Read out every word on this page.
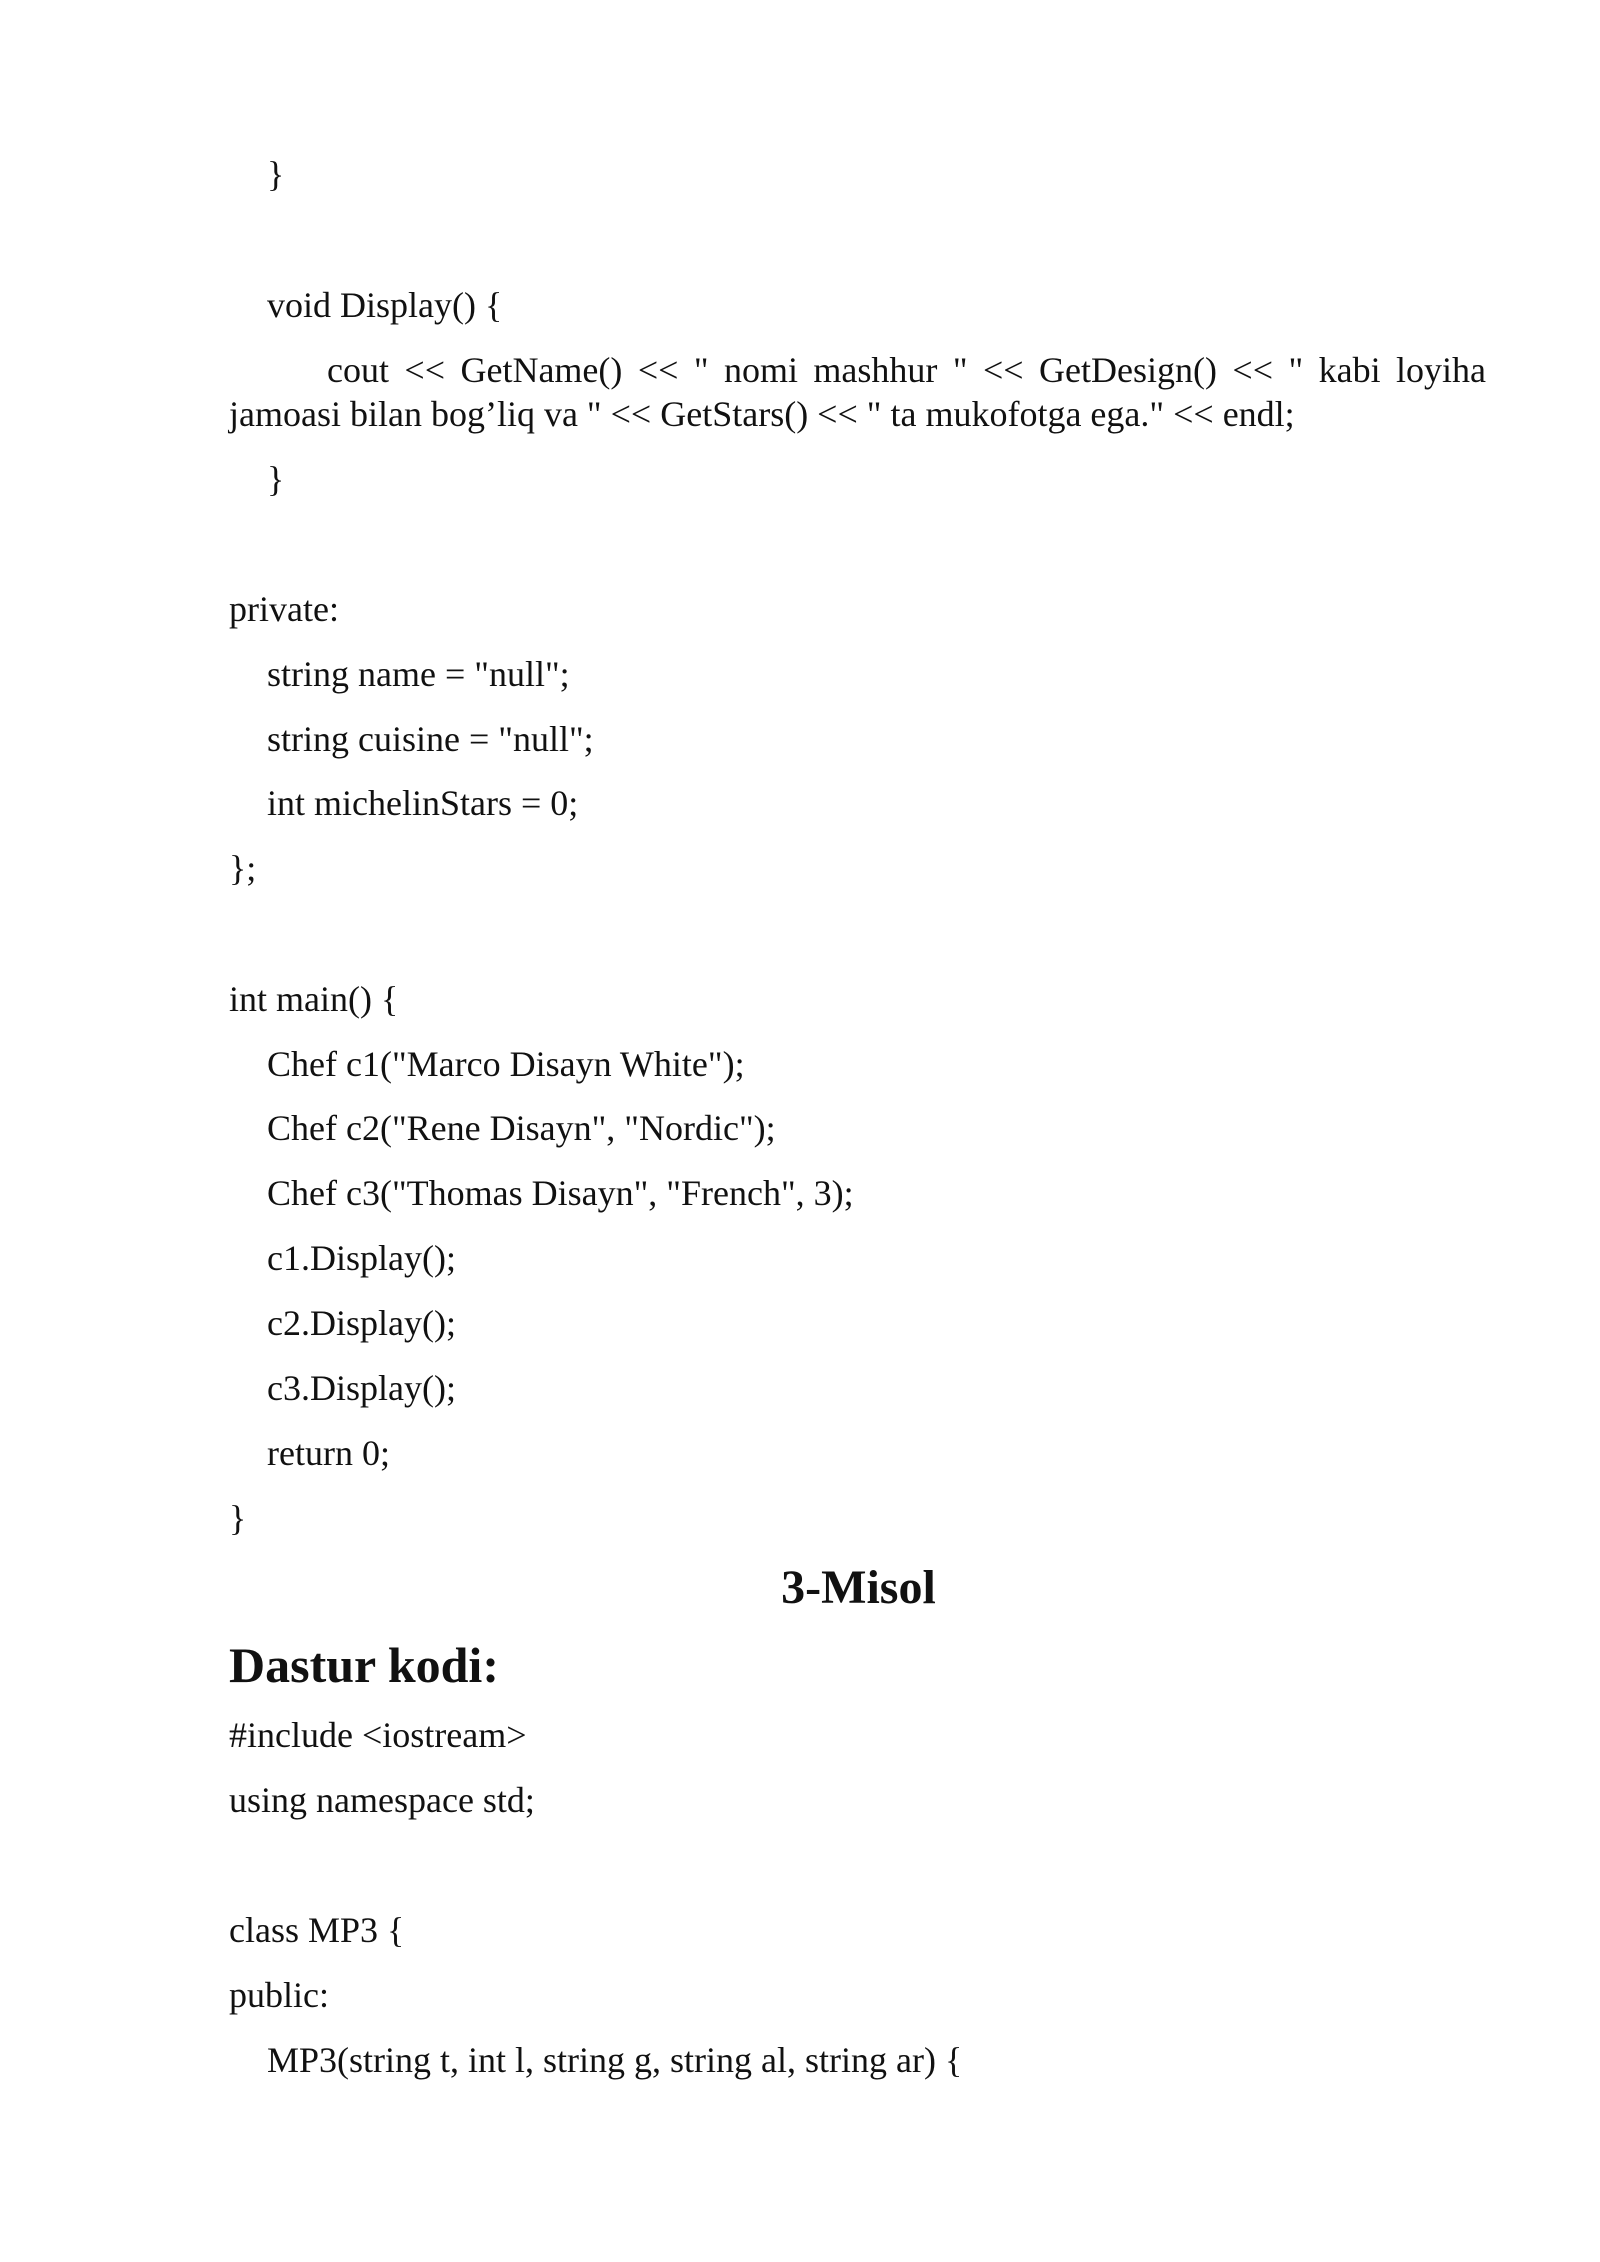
}
void Display() {
cout << GetName() << " nomi mashhur " << GetDesign() << " kabi loyiha
jamoasi bilan bog’liq va " << GetStars() << " ta mukofotga ega." << endl;
}
private:
string name = "null";
string cuisine = "null";
int michelinStars = 0;
};
int main() {
Chef c1("Marco Disayn White");
Chef c2("Rene Disayn", "Nordic");
Chef c3("Thomas Disayn", "French", 3);
c1.Display();
c2.Display();
c3.Display();
return 0;
}
3-Misol
Dastur kodi:
#include <iostream>
using namespace std;
class MP3 {
public:
MP3(string t, int l, string g, string al, string ar) {
